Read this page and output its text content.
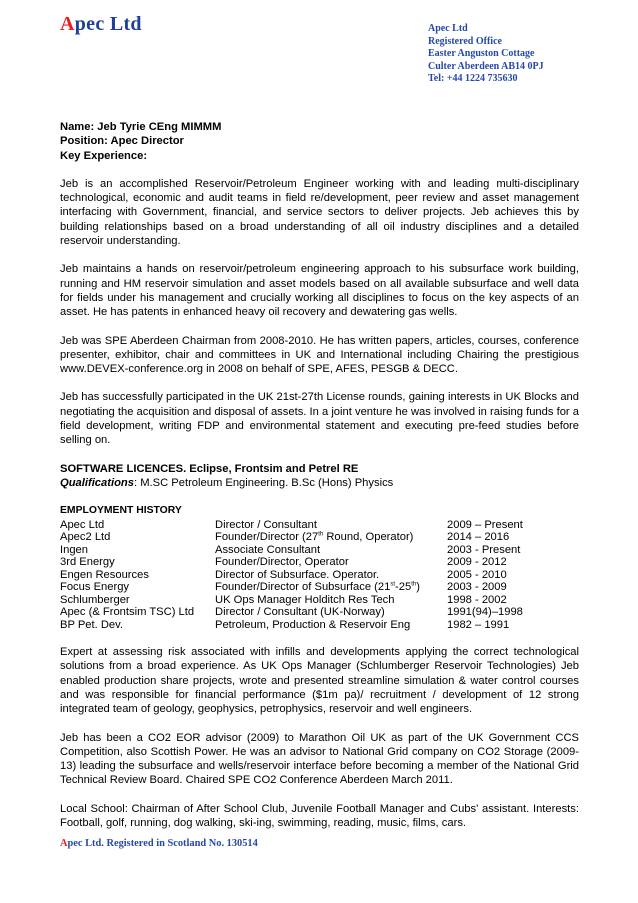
Apec Ltd	Apec Ltd
Registered Office
Easter Anguston Cottage
Culter Aberdeen AB14 0PJ
Tel: +44 1224 735630

Name: Jeb Tyrie CEng MIMMM

Position: Apec Director

Key Experience:

Jeb is an accomplished Reservoir/Petroleum Engineer working with and leading multi-disciplinary technological, economic and audit teams in field re/development, peer review and asset management interfacing with Government, financial, and service sectors to deliver projects. Jeb achieves this by building relationships based on a broad understanding of all oil industry disciplines and a detailed reservoir understanding.

Jeb maintains a hands on reservoir/petroleum engineering approach to his subsurface work building, running and HM reservoir simulation and asset models based on all available subsurface and well data for fields under his management and crucially working all disciplines to focus on the key aspects of an asset. He has patents in enhanced heavy oil recovery and dewatering gas wells.

Jeb was SPE Aberdeen Chairman from 2008-2010. He has written papers, articles, courses, conference presenter, exhibitor, chair and committees in UK and International including Chairing the prestigious www.DEVEX-conference.org in 2008 on behalf of SPE, AFES, PESGB & DECC.

Jeb has successfully participated in the UK 21st-27th License rounds, gaining interests in UK Blocks and negotiating the acquisition and disposal of assets. In a joint venture he was involved in raising funds for a field development, writing FDP and environmental statement and executing pre-feed studies before selling on.

SOFTWARE LICENCES. Eclipse, Frontsim and Petrel RE

Qualifications: M.SC Petroleum Engineering. B.Sc (Hons) Physics

EMPLOYMENT HISTORY

Apec Ltd	Director / Consultant	2009 – Present
Apec2 Ltd	Founder/Director (27th Round, Operator)	2014 – 2016
Ingen	Associate Consultant	2003 - Present
3rd Energy	Founder/Director, Operator	2009 - 2012
Engen Resources	Director of Subsurface. Operator.	2005 - 2010
Focus Energy	Founder/Director of Subsurface (21st-25th)	2003 - 2009
Schlumberger	UK Ops Manager Holditch Res Tech	1998 - 2002
Apec (& Frontsim TSC) Ltd	Director / Consultant (UK-Norway)	1991(94)–1998
BP Pet. Dev.	Petroleum, Production & Reservoir Eng	1982 – 1991

Expert at assessing risk associated with infills and developments applying the correct technological solutions from a broad experience. As UK Ops Manager (Schlumberger Reservoir Technologies) Jeb enabled production share projects, wrote and presented streamline simulation & water control courses and was responsible for financial performance ($1m pa)/ recruitment / development of 12 strong integrated team of geology, geophysics, petrophysics, reservoir and well engineers.

Jeb has been a CO2 EOR advisor (2009) to Marathon Oil UK as part of the UK Government CCS Competition, also Scottish Power. He was an advisor to National Grid company on CO2 Storage (2009-13) leading the subsurface and wells/reservoir interface before becoming a member of the National Grid Technical Review Board. Chaired SPE CO2 Conference Aberdeen March 2011.

Local School: Chairman of After School Club, Juvenile Football Manager and Cubs' assistant. Interests: Football, golf, running, dog walking, ski-ing, swimming, reading, music, films, cars.

Apec Ltd. Registered in Scotland No. 130514
